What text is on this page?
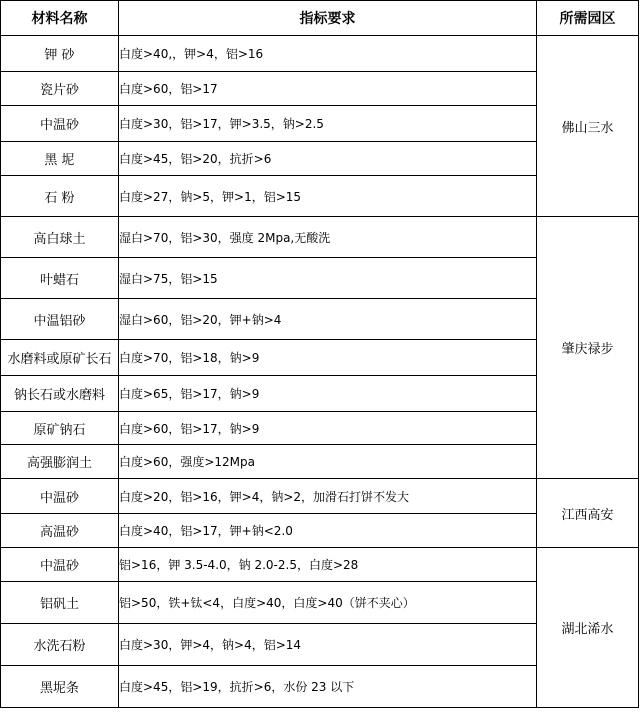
材料名称	指标要求	所需园区
钾 砂	白度>40,，钾>4，铝>16	佛山三水
瓷片砂	白度>60，铝>17	
中温砂	白度>30，铝>17，钾>3.5，钠>2.5	
黑 坭	白度>45，铝>20，抗折>6	
石 粉	白度>27，钠>5，钾>1，铝>15	
高白球土	湿白>70，铝>30，强度 2Mpa,无酸洗	肇庆禄步
叶蜡石	湿白>75，铝>15	
中温铝砂	湿白>60，铝>20，钾+钠>4	
水磨料或原矿长石	白度>70，铝>18，钠>9	
钠长石或水磨料	白度>65，铝>17，钠>9	
原矿钠石	白度>60，铝>17，钠>9	
高强膨润土	白度>60，强度>12Mpa	
中温砂	白度>20，铝>16，钾>4，钠>2，加滑石打饼不发大	江西高安
高温砂	白度>40，铝>17，钾+钠<2.0	
中温砂	铝>16，钾 3.5-4.0，钠 2.0-2.5，白度>28	湖北浠水
铝矾土	铝>50，铁+钛<4，白度>40，白度>40（饼不夹心）	
水洗石粉	白度>30，钾>4，钠>4，铝>14	
黑坭条	白度>45，铝>19，抗折>6，水份 23 以下	
